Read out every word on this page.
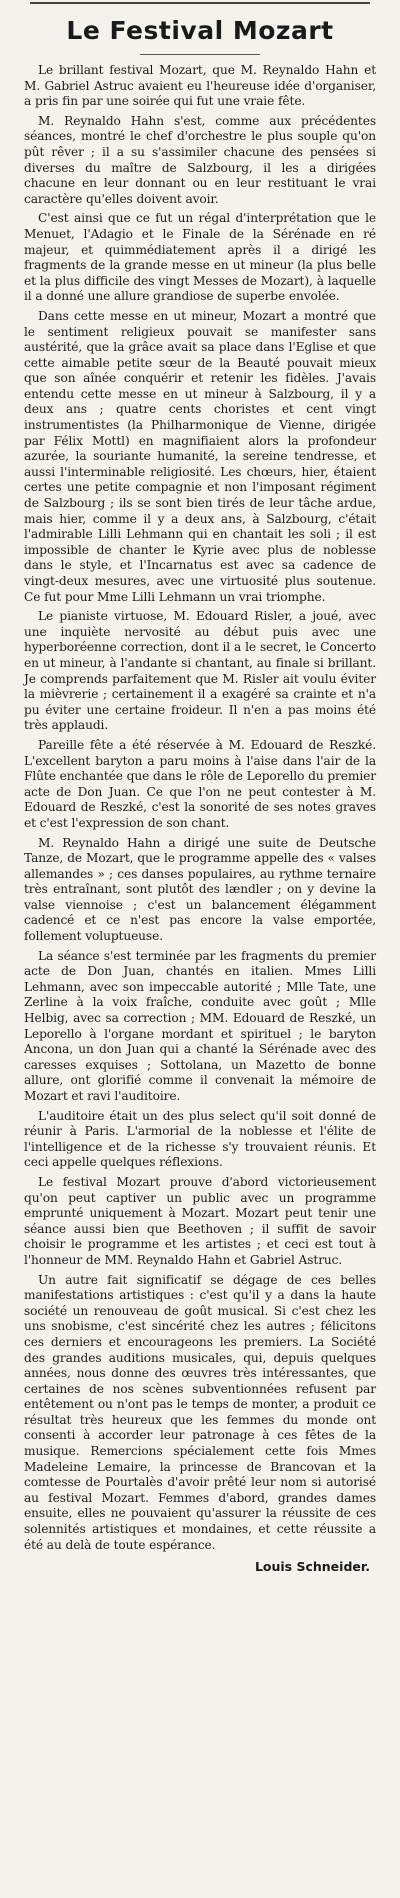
Le Festival Mozart

Le brillant festival Mozart, que M. Reynaldo Hahn et M. Gabriel Astruc avaient eu l'heureuse idée d'organiser, a pris fin par une soirée qui fut une vraie fête.

M. Reynaldo Hahn s'est, comme aux précédentes séances, montré le chef d'orchestre le plus souple qu'on pût rêver ; il a su s'assimiler chacune des pensées si diverses du maître de Salzbourg, il les a dirigées chacune en leur donnant ou en leur restituant le vrai caractère qu'elles doivent avoir.

C'est ainsi que ce fut un régal d'interprétation que le Menuet, l'Adagio et le Finale de la Sérénade en ré majeur, et quimmédiatement après il a dirigé les fragments de la grande messe en ut mineur (la plus belle et la plus difficile des vingt Messes de Mozart), à laquelle il a donné une allure grandiose de superbe envolée.

Dans cette messe en ut mineur, Mozart a montré que le sentiment religieux pouvait se manifester sans austérité, que la grâce avait sa place dans l'Eglise et que cette aimable petite sœur de la Beauté pouvait mieux que son aînée conquérir et retenir les fidèles. J'avais entendu cette messe en ut mineur à Salzbourg, il y a deux ans ; quatre cents choristes et cent vingt instrumentistes (la Philharmonique de Vienne, dirigée par Félix Mottl) en magnifiaient alors la profondeur azurée, la souriante humanité, la sereine tendresse, et aussi l'interminable religiosité. Les chœurs, hier, étaient certes une petite compagnie et non l'imposant régiment de Salzbourg ; ils se sont bien tirés de leur tâche ardue, mais hier, comme il y a deux ans, à Salzbourg, c'était l'admirable Lilli Lehmann qui en chantait les soli ; il est impossible de chanter le Kyrie avec plus de noblesse dans le style, et l'Incarnatus est avec sa cadence de vingt-deux mesures, avec une virtuosité plus soutenue. Ce fut pour Mme Lilli Lehmann un vrai triomphe.

Le pianiste virtuose, M. Edouard Risler, a joué, avec une inquiète nervosité au début puis avec une hyperboréenne correction, dont il a le secret, le Concerto en ut mineur, à l'andante si chantant, au finale si brillant. Je comprends parfaitement que M. Risler ait voulu éviter la mièvrerie ; certainement il a exagéré sa crainte et n'a pu éviter une certaine froideur. Il n'en a pas moins été très applaudi.

Pareille fête a été réservée à M. Edouard de Reszké. L'excellent baryton a paru moins à l'aise dans l'air de la Flûte enchantée que dans le rôle de Leporello du premier acte de Don Juan. Ce que l'on ne peut contester à M. Edouard de Reszké, c'est la sonorité de ses notes graves et c'est l'expression de son chant.

M. Reynaldo Hahn a dirigé une suite de Deutsche Tanze, de Mozart, que le programme appelle des « valses allemandes » ; ces danses populaires, au rythme ternaire très entraînant, sont plutôt des lændler ; on y devine la valse viennoise ; c'est un balancement élégamment cadencé et ce n'est pas encore la valse emportée, follement voluptueuse.

La séance s'est terminée par les fragments du premier acte de Don Juan, chantés en italien. Mmes Lilli Lehmann, avec son impeccable autorité ; Mlle Tate, une Zerline à la voix fraîche, conduite avec goût ; Mlle Helbig, avec sa correction ; MM. Edouard de Reszké, un Leporello à l'organe mordant et spirituel ; le baryton Ancona, un don Juan qui a chanté la Sérénade avec des caresses exquises ; Sottolana, un Mazetto de bonne allure, ont glorifié comme il convenait la mémoire de Mozart et ravi l'auditoire.

L'auditoire était un des plus select qu'il soit donné de réunir à Paris. L'armorial de la noblesse et l'élite de l'intelligence et de la richesse s'y trouvaient réunis. Et ceci appelle quelques réflexions.

Le festival Mozart prouve d'abord victorieusement qu'on peut captiver un public avec un programme emprunté uniquement à Mozart. Mozart peut tenir une séance aussi bien que Beethoven ; il suffit de savoir choisir le programme et les artistes ; et ceci est tout à l'honneur de MM. Reynaldo Hahn et Gabriel Astruc.

Un autre fait significatif se dégage de ces belles manifestations artistiques : c'est qu'il y a dans la haute société un renouveau de goût musical. Si c'est chez les uns snobisme, c'est sincérité chez les autres ; félicitons ces derniers et encourageons les premiers. La Société des grandes auditions musicales, qui, depuis quelques années, nous donne des œuvres très intéressantes, que certaines de nos scènes subventionnées refusent par entêtement ou n'ont pas le temps de monter, a produit ce résultat très heureux que les femmes du monde ont consenti à accorder leur patronage à ces fêtes de la musique. Remercions spécialement cette fois Mmes Madeleine Lemaire, la princesse de Brancovan et la comtesse de Pourtalès d'avoir prêté leur nom si autorisé au festival Mozart. Femmes d'abord, grandes dames ensuite, elles ne pouvaient qu'assurer la réussite de ces solennités artistiques et mondaines, et cette réussite a été au delà de toute espérance.

Louis Schneider.
